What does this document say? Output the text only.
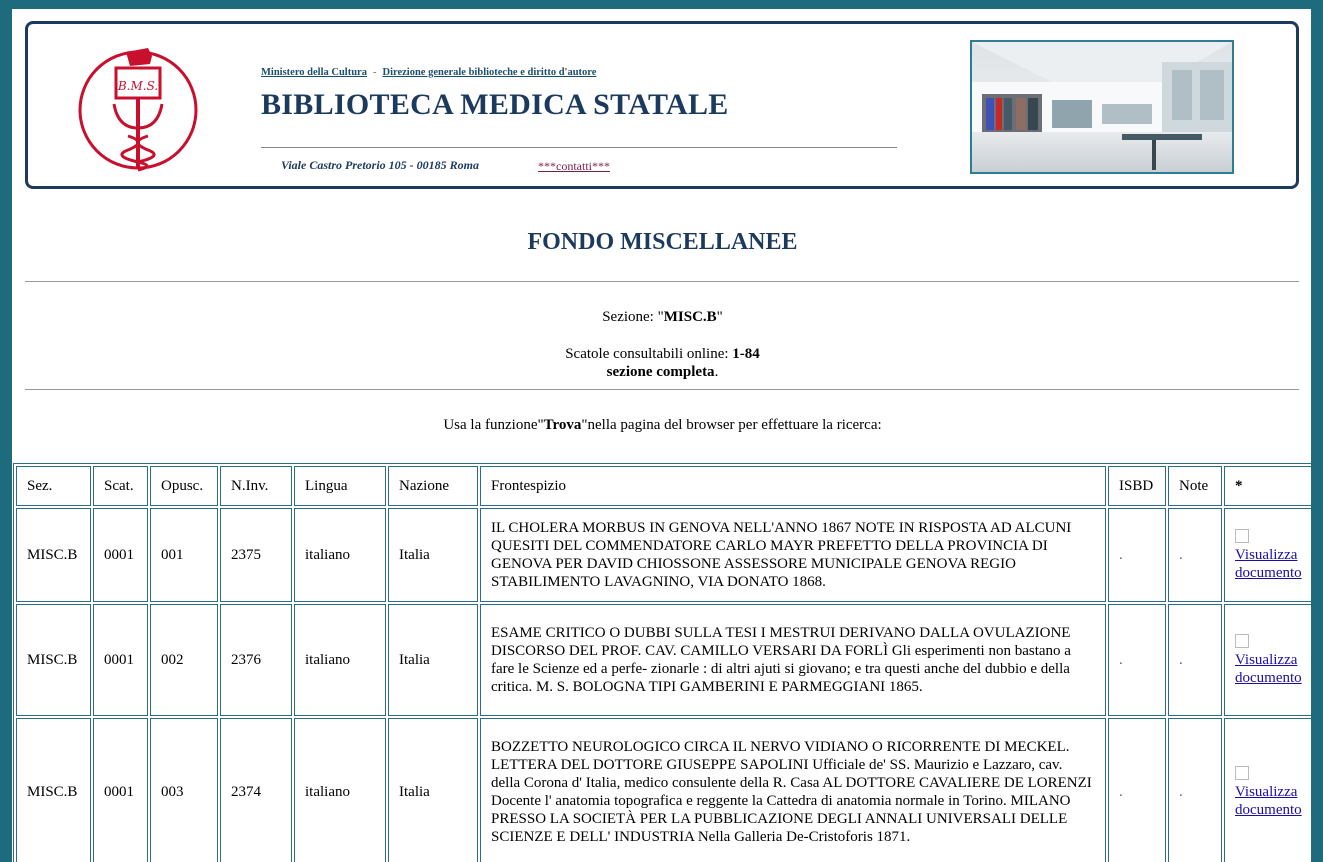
B.M.S.
Ministero della Cultura - Direzione generale biblioteche e diritto d'autore
BIBLIOTECA MEDICA STATALE
Viale Castro Pretorio 105 - 00185 Roma	***contatti***
FONDO MISCELLANEE
Sezione: "MISC.B"
Scatole consultabili online: 1-84
sezione completa.
Usa la funzione"Trova"nella pagina del browser per effettuare la ricerca:
Sez.	Scat.	Opusc.	N.Inv.	Lingua	Nazione	Frontespizio	ISBD	Note	*
MISC.B	0001	001	2375	italiano	Italia	IL CHOLERA MORBUS IN GENOVA NELL'ANNO 1867 NOTE IN RISPOSTA AD ALCUNI QUESITI DEL COMMENDATORE CARLO MAYR PREFETTO DELLA PROVINCIA DI GENOVA PER DAVID CHIOSSONE ASSESSORE MUNICIPALE GENOVA REGIO STABILIMENTO LAVAGNINO, VIA DONATO 1868.	.	.	Visualizza documento
MISC.B	0001	002	2376	italiano	Italia	ESAME CRITICO O DUBBI SULLA TESI I MESTRUI DERIVANO DALLA OVULAZIONE DISCORSO DEL PROF. CAV. CAMILLO VERSARI DA FORLÌ Gli esperimenti non bastano a fare le Scienze ed a perfe- zionarle : di altri ajuti si giovano; e tra questi anche del dubbio e della critica. M. S. BOLOGNA TIPI GAMBERINI E PARMEGGIANI 1865.	.	.	Visualizza documento
MISC.B	0001	003	2374	italiano	Italia	BOZZETTO NEUROLOGICO CIRCA IL NERVO VIDIANO O RICORRENTE DI MECKEL. LETTERA DEL DOTTORE GIUSEPPE SAPOLINI Ufficiale de' SS. Maurizio e Lazzaro, cav. della Corona d' Italia, medico consulente della R. Casa AL DOTTORE CAVALIERE DE LORENZI Docente l' anatomia topografica e reggente la Cattedra di anatomia normale in Torino. MILANO PRESSO LA SOCIETÀ PER LA PUBBLICAZIONE DEGLI ANNALI UNIVERSALI DELLE SCIENZE E DELL' INDUSTRIA Nella Galleria De-Cristoforis 1871.	.	.	Visualizza documento
